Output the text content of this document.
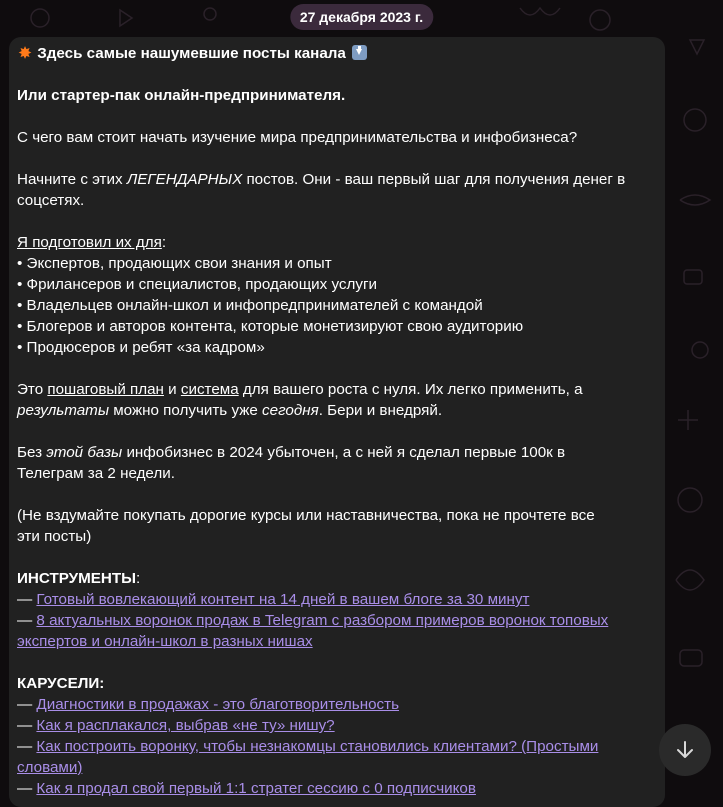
27 декабря 2023 г.
✸ Здесь самые нашумевшие посты канала
Или стартер-пак онлайн-предпринимателя.
С чего вам стоит начать изучение мира предпринимательства и инфобизнеса?
Начните с этих ЛЕГЕНДАРНЫХ постов. Они - ваш первый шаг для получения денег в
соцсетях.
Я подготовил их для:
• Экспертов, продающих свои знания и опыт
• Фрилансеров и специалистов, продающих услуги
• Владельцев онлайн-школ и инфопредпринимателей с командой
• Блогеров и авторов контента, которые монетизируют свою аудиторию
• Продюсеров и ребят «за кадром»
Это пошаговый план и система для вашего роста с нуля. Их легко применить, а
результаты можно получить уже сегодня. Бери и внедряй.
Без этой базы инфобизнес в 2024 убыточен, а с ней я сделал первые 100к в
Телеграм за 2 недели.
(Не вздумайте покупать дорогие курсы или наставничества, пока не прочтете все
эти посты)
ИНСТРУМЕНТЫ:
— Готовый вовлекающий контент на 14 дней в вашем блоге за 30 минут
— 8 актуальных воронок продаж в Telegram с разбором примеров воронок топовых
экспертов и онлайн-школ в разных нишах
КАРУСЕЛИ:
— Диагностики в продажах - это благотворительность
— Как я расплакался, выбрав «не ту» нишу?
— Как построить воронку, чтобы незнакомцы становились клиентами? (Простыми
словами)
— Как я продал свой первый 1:1 стратег сессию с 0 подписчиков
